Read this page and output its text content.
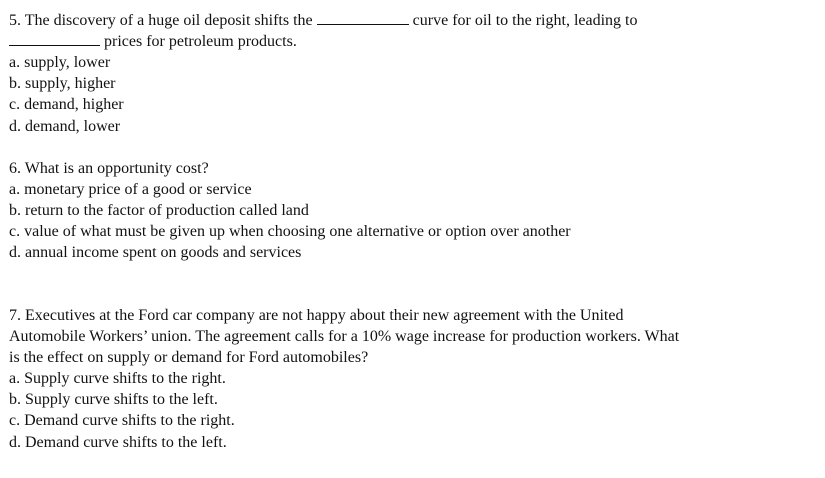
5. The discovery of a huge oil deposit shifts the	curve for oil to the right, leading to
prices for petroleum products.
a. supply, lower
b. supply, higher
c. demand, higher
d. demand, lower
6. What is an opportunity cost?
a. monetary price of a good or service
b. return to the factor of production called land
c. value of what must be given up when choosing one alternative or option over another
d. annual income spent on goods and services
7. Executives at the Ford car company are not happy about their new agreement with the United
Automobile Workers’ union. The agreement calls for a 10% wage increase for production workers. What
is the effect on supply or demand for Ford automobiles?
a. Supply curve shifts to the right.
b. Supply curve shifts to the left.
c. Demand curve shifts to the right.
d. Demand curve shifts to the left.
